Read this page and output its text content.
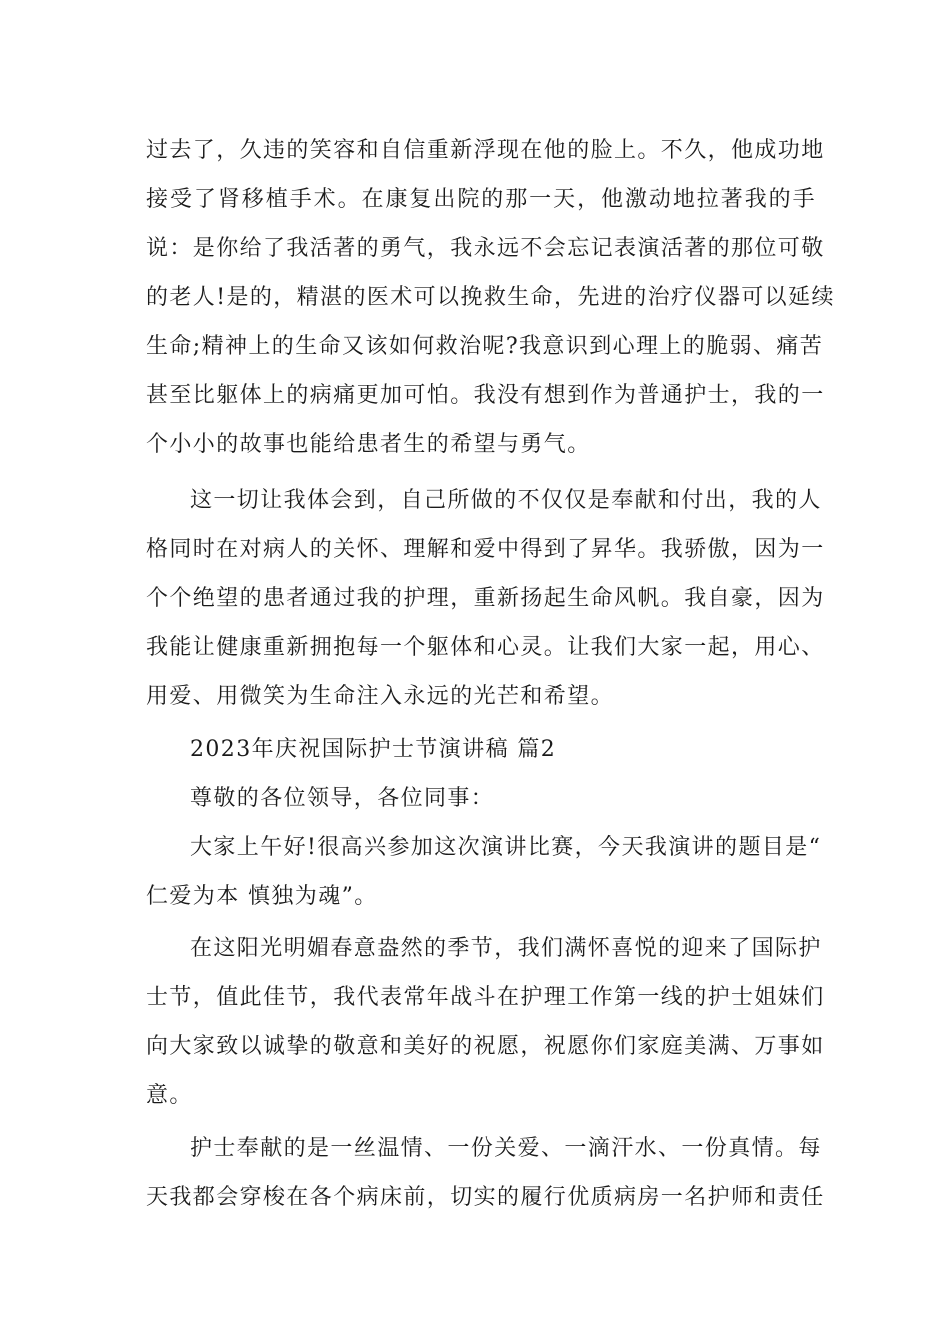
过去了，久违的笑容和自信重新浮现在他的脸上。不久，他成功地
接受了肾移植手术。在康复出院的那一天，他激动地拉著我的手
说：是你给了我活著的勇气，我永远不会忘记表演活著的那位可敬
的老人!是的，精湛的医术可以挽救生命，先进的治疗仪器可以延续
生命;精神上的生命又该如何救治呢?我意识到心理上的脆弱、痛苦
甚至比躯体上的病痛更加可怕。我没有想到作为普通护士，我的一
个小小的故事也能给患者生的希望与勇气。
这一切让我体会到，自己所做的不仅仅是奉献和付出，我的人
格同时在对病人的关怀、理解和爱中得到了昇华。我骄傲，因为一
个个绝望的患者通过我的护理，重新扬起生命风帆。我自豪，因为
我能让健康重新拥抱每一个躯体和心灵。让我们大家一起，用心、
用爱、用微笑为生命注入永远的光芒和希望。
2023年庆祝国际护士节演讲稿 篇2
尊敬的各位领导，各位同事：
大家上午好!很高兴参加这次演讲比赛，今天我演讲的题目是“
仁爱为本 慎独为魂”。
在这阳光明媚春意盎然的季节，我们满怀喜悦的迎来了国际护
士节，值此佳节，我代表常年战斗在护理工作第一线的护士姐妹们
向大家致以诚挚的敬意和美好的祝愿，祝愿你们家庭美满、万事如
意。
护士奉献的是一丝温情、一份关爱、一滴汗水、一份真情。每
天我都会穿梭在各个病床前，切实的履行优质病房一名护师和责任
